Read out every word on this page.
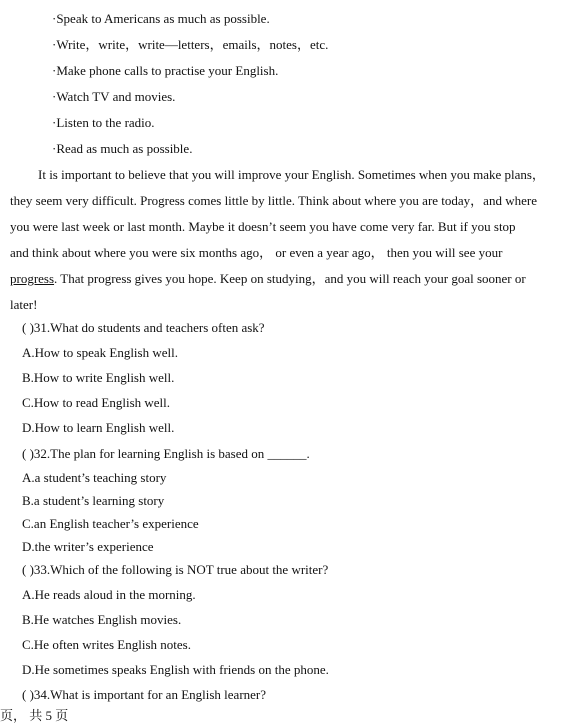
·Speak to Americans as much as possible.
·Write，write，write—letters，emails，notes，etc.
·Make phone calls to practise your English.
·Watch TV and movies.
·Listen to the radio.
·Read as much as possible.
It is important to believe that you will improve your English. Sometimes when you make plans，
they seem very difficult. Progress comes little by little. Think about where you are today，and where
you were last week or last month. Maybe it doesn’t seem you have come very far. But if you stop
and think about where you were six months ago， or even a year ago， then you will see your
progress. That progress gives you hope. Keep on studying，and you will reach your goal sooner or
later!
( )31.What do students and teachers often ask?
A.How to speak English well.
B.How to write English well.
C.How to read English well.
D.How to learn English well.
( )32.The plan for learning English is based on ______.
A.a student’s teaching story
B.a student’s learning story
C.an English teacher’s experience
D.the writer’s experience
( )33.Which of the following is NOT true about the writer?
A.He reads aloud in the morning.
B.He watches English movies.
C.He often writes English notes.
D.He sometimes speaks English with friends on the phone.
( )34.What is important for an English learner?
页， 共 5 页
